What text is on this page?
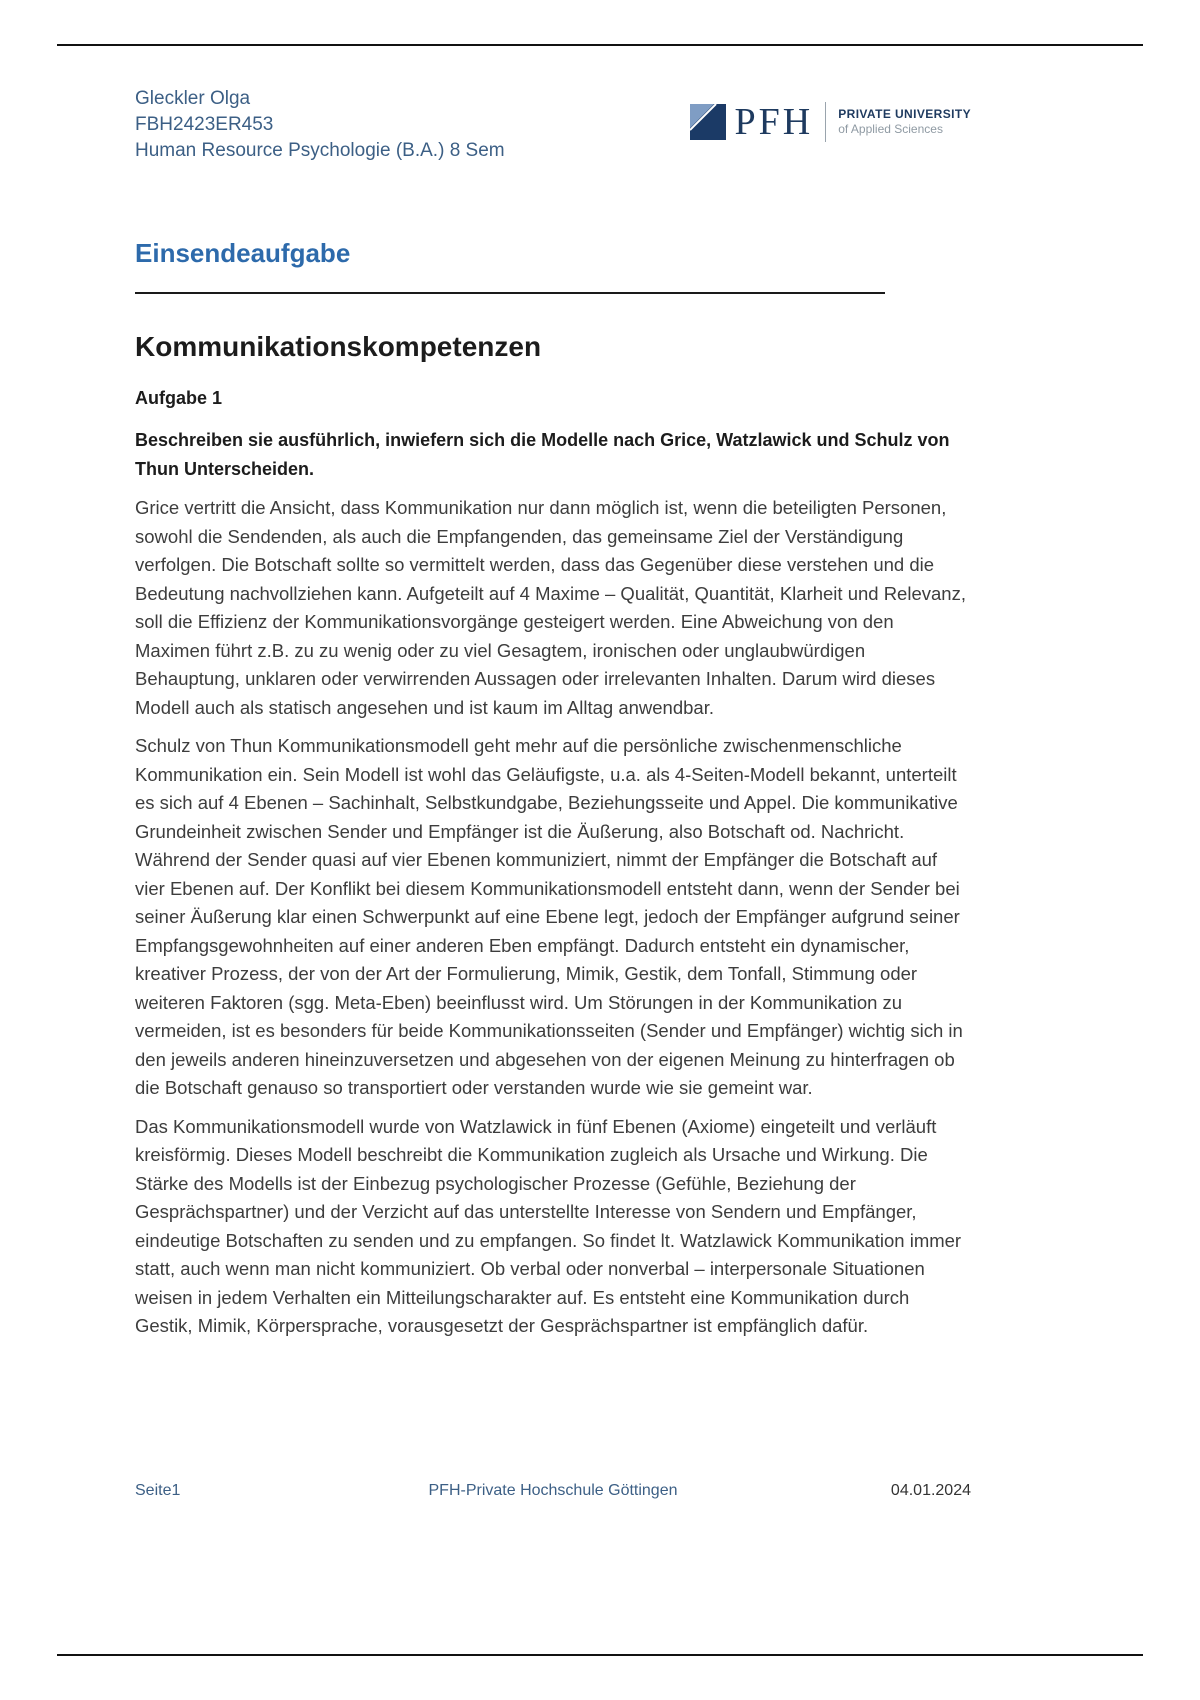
Gleckler Olga
FBH2423ER453
Human Resource Psychologie (B.A.) 8 Sem
PFH PRIVATE UNIVERSITY
of Applied Sciences
Einsendeaufgabe
Kommunikationskompetenzen
Aufgabe 1

Beschreiben sie ausführlich, inwiefern sich die Modelle nach Grice, Watzlawick und Schulz von Thun Unterscheiden.

Grice vertritt die Ansicht, dass Kommunikation nur dann möglich ist, wenn die beteiligten Personen, sowohl die Sendenden, als auch die Empfangenden, das gemeinsame Ziel der Verständigung verfolgen. Die Botschaft sollte so vermittelt werden, dass das Gegenüber diese verstehen und die Bedeutung nachvollziehen kann. Aufgeteilt auf 4 Maxime – Qualität, Quantität, Klarheit und Relevanz, soll die Effizienz der Kommunikationsvorgänge gesteigert werden. Eine Abweichung von den Maximen führt z.B. zu zu wenig oder zu viel Gesagtem, ironischen oder unglaubwürdigen Behauptung, unklaren oder verwirrenden Aussagen oder irrelevanten Inhalten. Darum wird dieses Modell auch als statisch angesehen und ist kaum im Alltag anwendbar.

Schulz von Thun Kommunikationsmodell geht mehr auf die persönliche zwischenmenschliche Kommunikation ein. Sein Modell ist wohl das Geläufigste, u.a. als 4-Seiten-Modell bekannt, unterteilt es sich auf 4 Ebenen – Sachinhalt, Selbstkundgabe, Beziehungsseite und Appel. Die kommunikative Grundeinheit zwischen Sender und Empfänger ist die Äußerung, also Botschaft od. Nachricht. Während der Sender quasi auf vier Ebenen kommuniziert, nimmt der Empfänger die Botschaft auf vier Ebenen auf. Der Konflikt bei diesem Kommunikationsmodell entsteht dann, wenn der Sender bei seiner Äußerung klar einen Schwerpunkt auf eine Ebene legt, jedoch der Empfänger aufgrund seiner Empfangsgewohnheiten auf einer anderen Eben empfängt. Dadurch entsteht ein dynamischer, kreativer Prozess, der von der Art der Formulierung, Mimik, Gestik, dem Tonfall, Stimmung oder weiteren Faktoren (sgg. Meta-Eben) beeinflusst wird. Um Störungen in der Kommunikation zu vermeiden, ist es besonders für beide Kommunikationsseiten (Sender und Empfänger) wichtig sich in den jeweils anderen hineinzuversetzen und abgesehen von der eigenen Meinung zu hinterfragen ob die Botschaft genauso so transportiert oder verstanden wurde wie sie gemeint war.

Das Kommunikationsmodell wurde von Watzlawick in fünf Ebenen (Axiome) eingeteilt und verläuft kreisförmig. Dieses Modell beschreibt die Kommunikation zugleich als Ursache und Wirkung. Die Stärke des Modells ist der Einbezug psychologischer Prozesse (Gefühle, Beziehung der Gesprächspartner) und der Verzicht auf das unterstellte Interesse von Sendern und Empfänger, eindeutige Botschaften zu senden und zu empfangen. So findet lt. Watzlawick Kommunikation immer statt, auch wenn man nicht kommuniziert. Ob verbal oder nonverbal – interpersonale Situationen weisen in jedem Verhalten ein Mitteilungscharakter auf. Es entsteht eine Kommunikation durch Gestik, Mimik, Körpersprache, vorausgesetzt der Gesprächspartner ist empfänglich dafür.

Seite1	PFH-Private Hochschule Göttingen	04.01.2024
